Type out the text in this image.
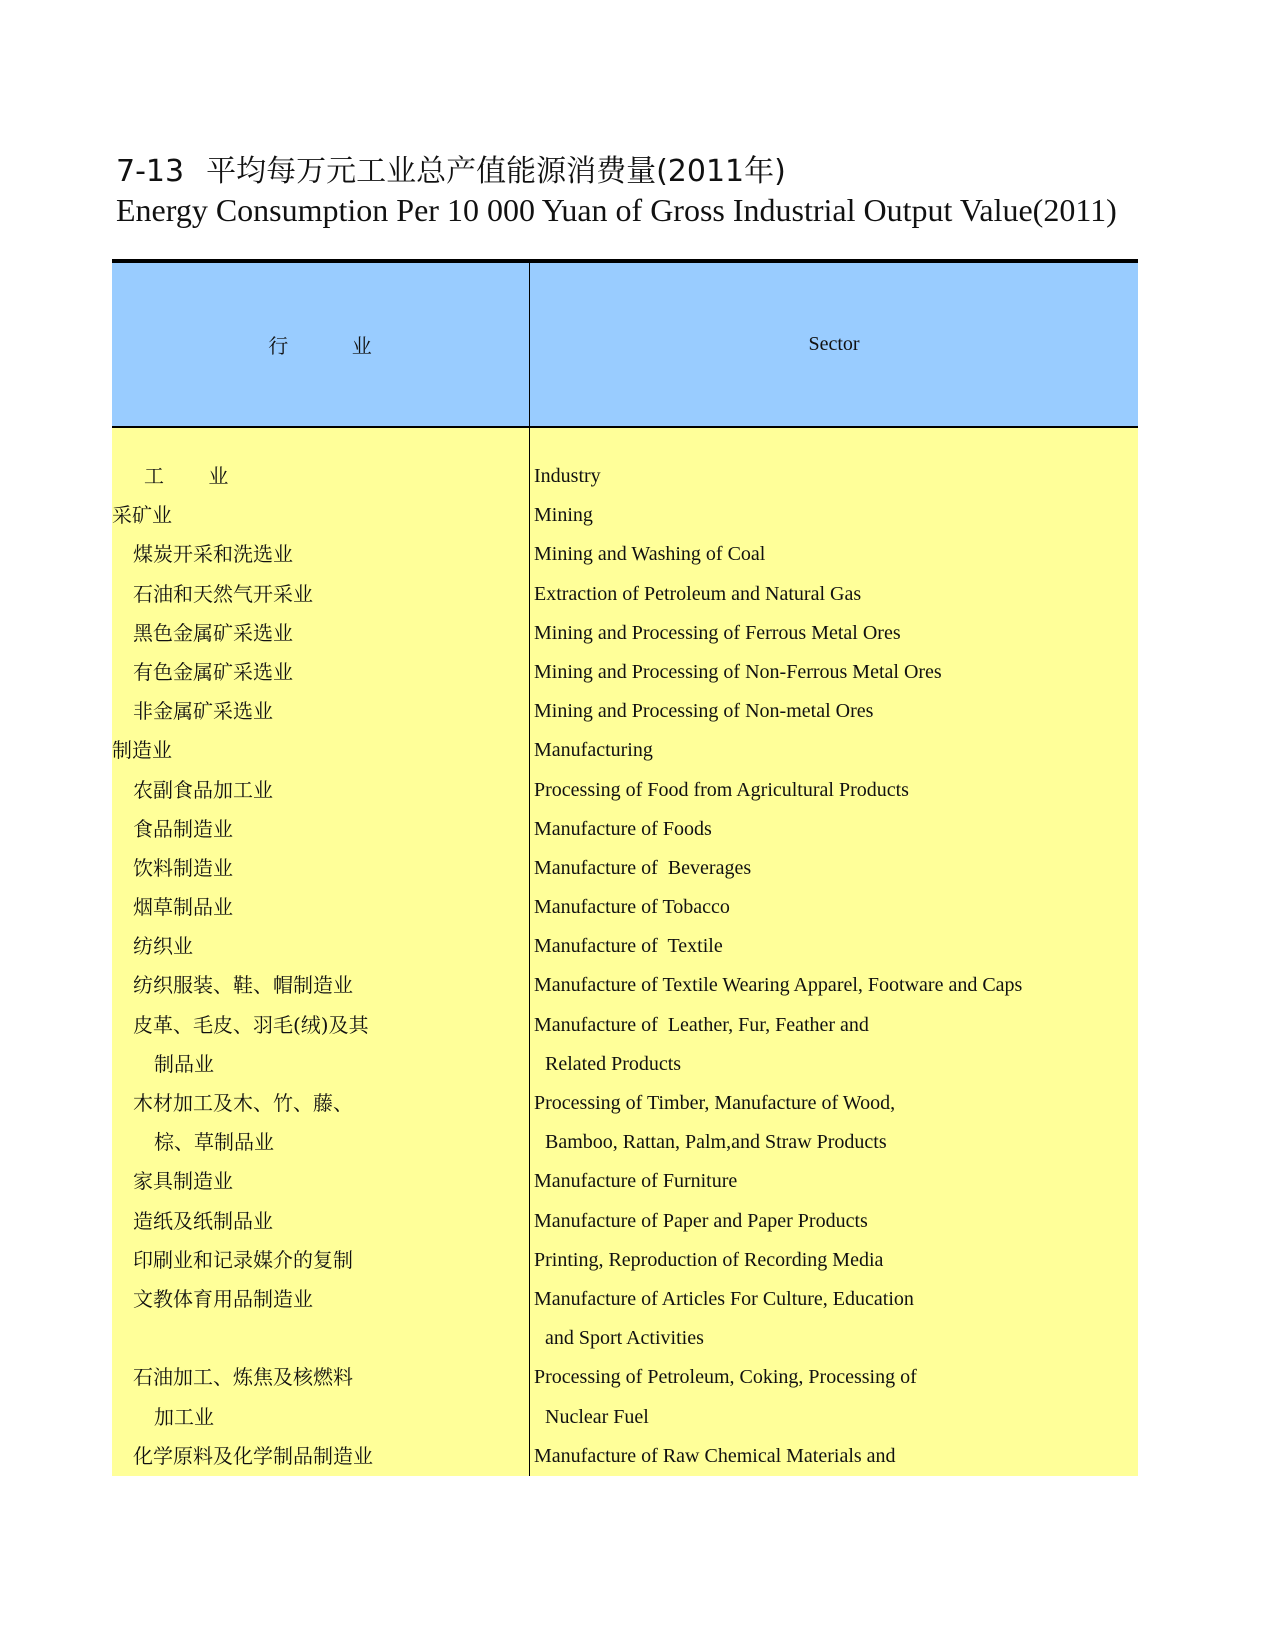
7-13 平均每万元工业总产值能源消费量(2011年)
Energy Consumption Per 10 000 Yuan of Gross Industrial Output Value(2011)
行          业	Sector
工 业	Industry
采矿业	Mining
煤炭开采和洗选业	Mining and Washing of Coal
石油和天然气开采业	Extraction of Petroleum and Natural Gas
黑色金属矿采选业	Mining and Processing of Ferrous Metal Ores
有色金属矿采选业	Mining and Processing of Non-Ferrous Metal Ores
非金属矿采选业	Mining and Processing of Non-metal Ores
制造业	Manufacturing
农副食品加工业	Processing of Food from Agricultural Products
食品制造业	Manufacture of Foods
饮料制造业	Manufacture of  Beverages
烟草制品业	Manufacture of Tobacco
纺织业	Manufacture of  Textile
纺织服装、鞋、帽制造业	Manufacture of Textile Wearing Apparel, Footware and Caps
皮革、毛皮、羽毛(绒)及其	Manufacture of  Leather, Fur, Feather and
制品业	Related Products
木材加工及木、竹、藤、	Processing of Timber, Manufacture of Wood,
棕、草制品业	Bamboo, Rattan, Palm,and Straw Products
家具制造业	Manufacture of Furniture
造纸及纸制品业	Manufacture of Paper and Paper Products
印刷业和记录媒介的复制	Printing, Reproduction of Recording Media
文教体育用品制造业	Manufacture of Articles For Culture, Education
and Sport Activities
石油加工、炼焦及核燃料	Processing of Petroleum, Coking, Processing of
加工业	Nuclear Fuel
化学原料及化学制品制造业	Manufacture of Raw Chemical Materials and
